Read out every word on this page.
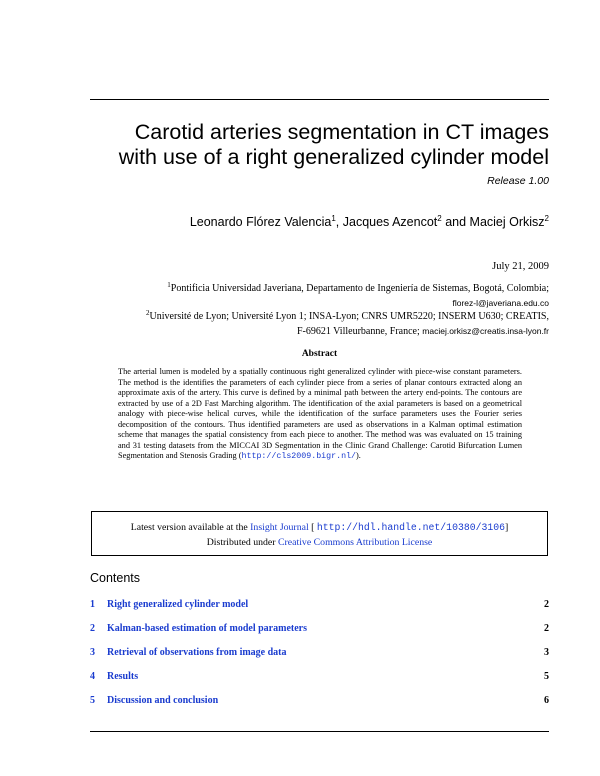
Carotid arteries segmentation in CT images
with use of a right generalized cylinder model
Release 1.00
Leonardo Flórez Valencia$^1$, Jacques Azencot$^2$ and Maciej Orkisz$^2$
July 21, 2009
$^1$Pontificia Universidad Javeriana, Departamento de Ingeniería de Sistemas, Bogotá, Colombia;
florez-l@javeriana.edu.co
$^2$Université de Lyon; Université Lyon 1; INSA-Lyon; CNRS UMR5220; INSERM U630; CREATIS,
F-69621 Villeurbanne, France; maciej.orkisz@creatis.insa-lyon.fr
Abstract
The arterial lumen is modeled by a spatially continuous right generalized cylinder with piece-wise constant parameters. The method is the identifies the parameters of each cylinder piece from a series of planar contours extracted along an approximate axis of the artery. This curve is defined by a minimal path between the artery end-points. The contours are extracted by use of a 2D Fast Marching algorithm. The identification of the axial parameters is based on a geometrical analogy with piece-wise helical curves, while the identification of the surface parameters uses the Fourier series decomposition of the contours. Thus identified parameters are used as observations in a Kalman optimal estimation scheme that manages the spatial consistency from each piece to another. The method was was evaluated on 15 training and 31 testing datasets from the MICCAI 3D Segmentation in the Clinic Grand Challenge: Carotid Bifurcation Lumen Segmentation and Stenosis Grading (http://cls2009.bigr.nl/).
Latest version available at the Insight Journal [ http://hdl.handle.net/10380/3106]
Distributed under Creative Commons Attribution License
Contents
1	Right generalized cylinder model	2
2	Kalman-based estimation of model parameters	2
3	Retrieval of observations from image data	3
4	Results	5
5	Discussion and conclusion	6
